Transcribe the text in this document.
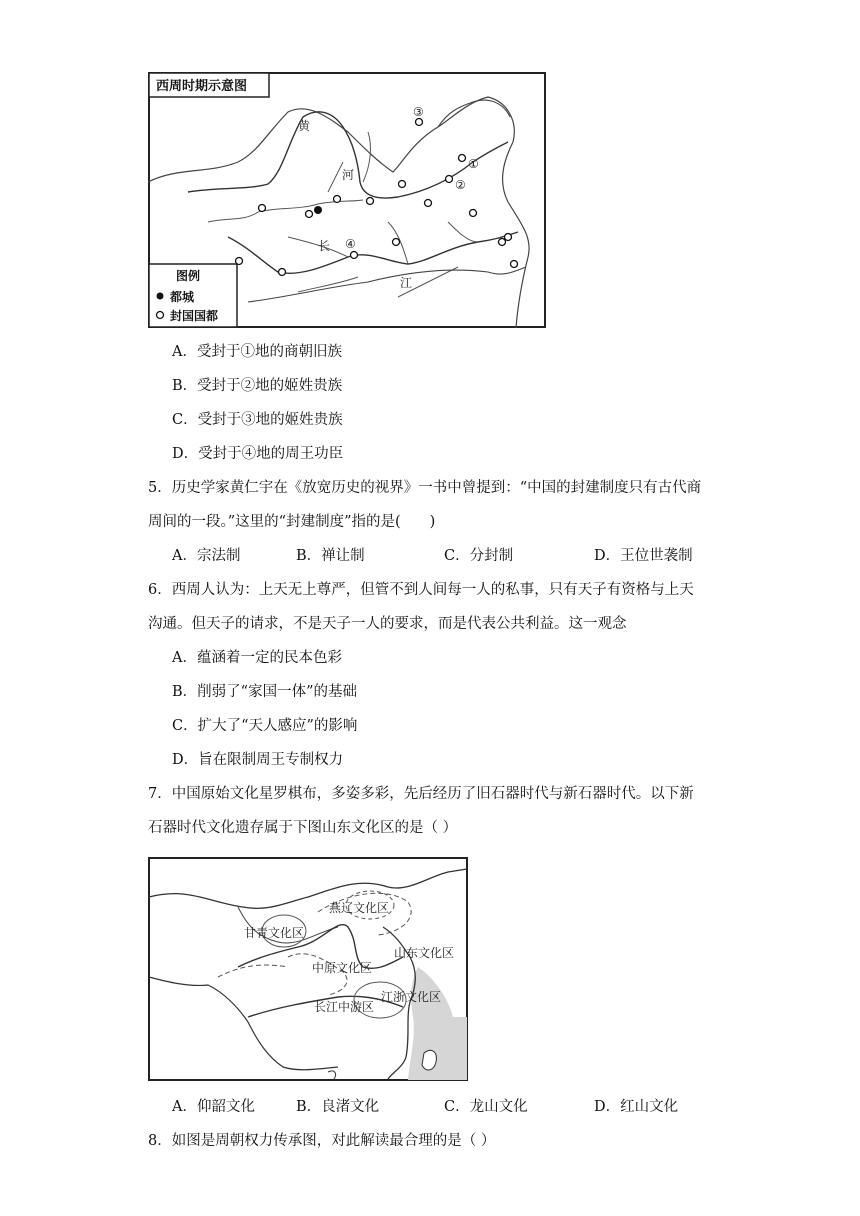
西周时期示意图
黄
河
长
江
③
①
②
④
图例
都城
封国国都
A．受封于①地的商朝旧族
B．受封于②地的姬姓贵族
C．受封于③地的姬姓贵族
D．受封于④地的周王功臣
5．历史学家黄仁宇在《放宽历史的视界》一书中曾提到：“中国的封建制度只有古代商
周间的一段。”这里的“封建制度”指的是(　　)
A．宗法制	B．禅让制	C．分封制	D．王位世袭制
6．西周人认为：上天无上尊严，但管不到人间每一人的私事，只有天子有资格与上天
沟通。但天子的请求，不是天子一人的要求，而是代表公共利益。这一观念
A．蕴涵着一定的民本色彩
B．削弱了“家国一体”的基础
C．扩大了“天人感应”的影响
D．旨在限制周王专制权力
7．中国原始文化星罗棋布，多姿多彩，先后经历了旧石器时代与新石器时代。以下新
石器时代文化遗存属于下图山东文化区的是（ ）
燕辽文化区
甘青文化区
山东文化区
中原文化区
江浙文化区
长江中游区
A．仰韶文化	B．良渚文化	C．龙山文化	D．红山文化
8．如图是周朝权力传承图，对此解读最合理的是（ ）
